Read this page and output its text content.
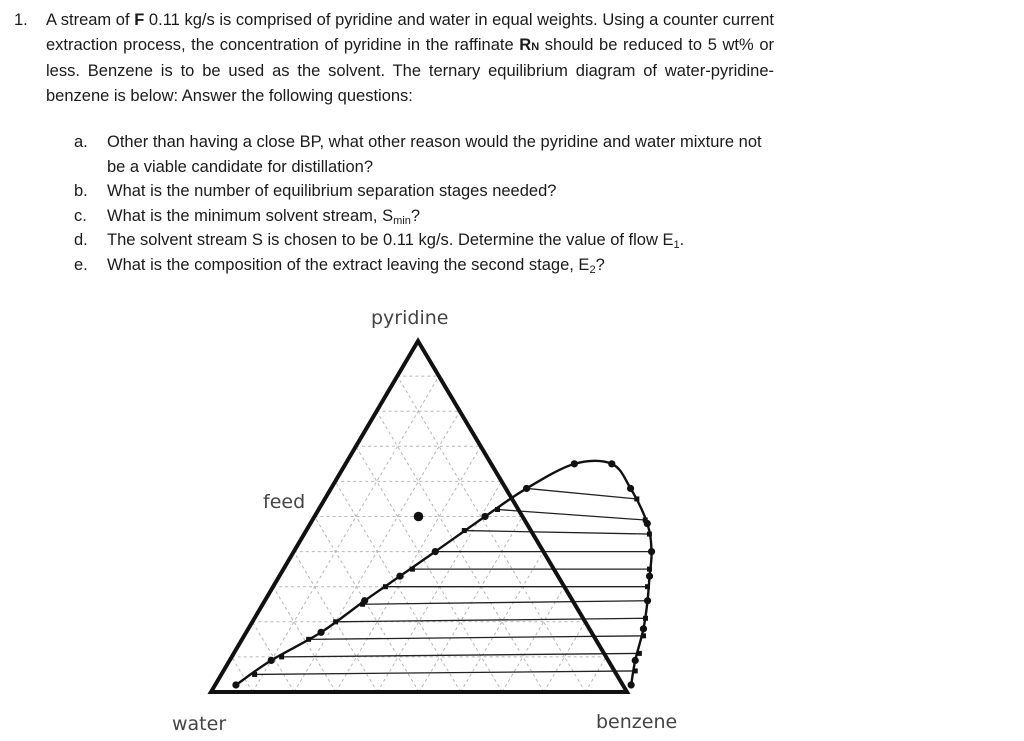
1. A stream of F 0.11 kg/s is comprised of pyridine and water in equal weights. Using a counter current extraction process, the concentration of pyridine in the raffinate RN should be reduced to 5 wt% or less. Benzene is to be used as the solvent. The ternary equilibrium diagram of water-pyridine-benzene is below: Answer the following questions:
a.	Other than having a close BP, what other reason would the pyridine and water mixture not be a viable candidate for distillation?
b.	What is the number of equilibrium separation stages needed?
c.	What is the minimum solvent stream, $S_{min}$?
d.	The solvent stream S is chosen to be 0.11 kg/s. Determine the value of flow $E_1$.
e.	What is the composition of the extract leaving the second stage, $E_2$?
pyridine
water	benzene
feed
